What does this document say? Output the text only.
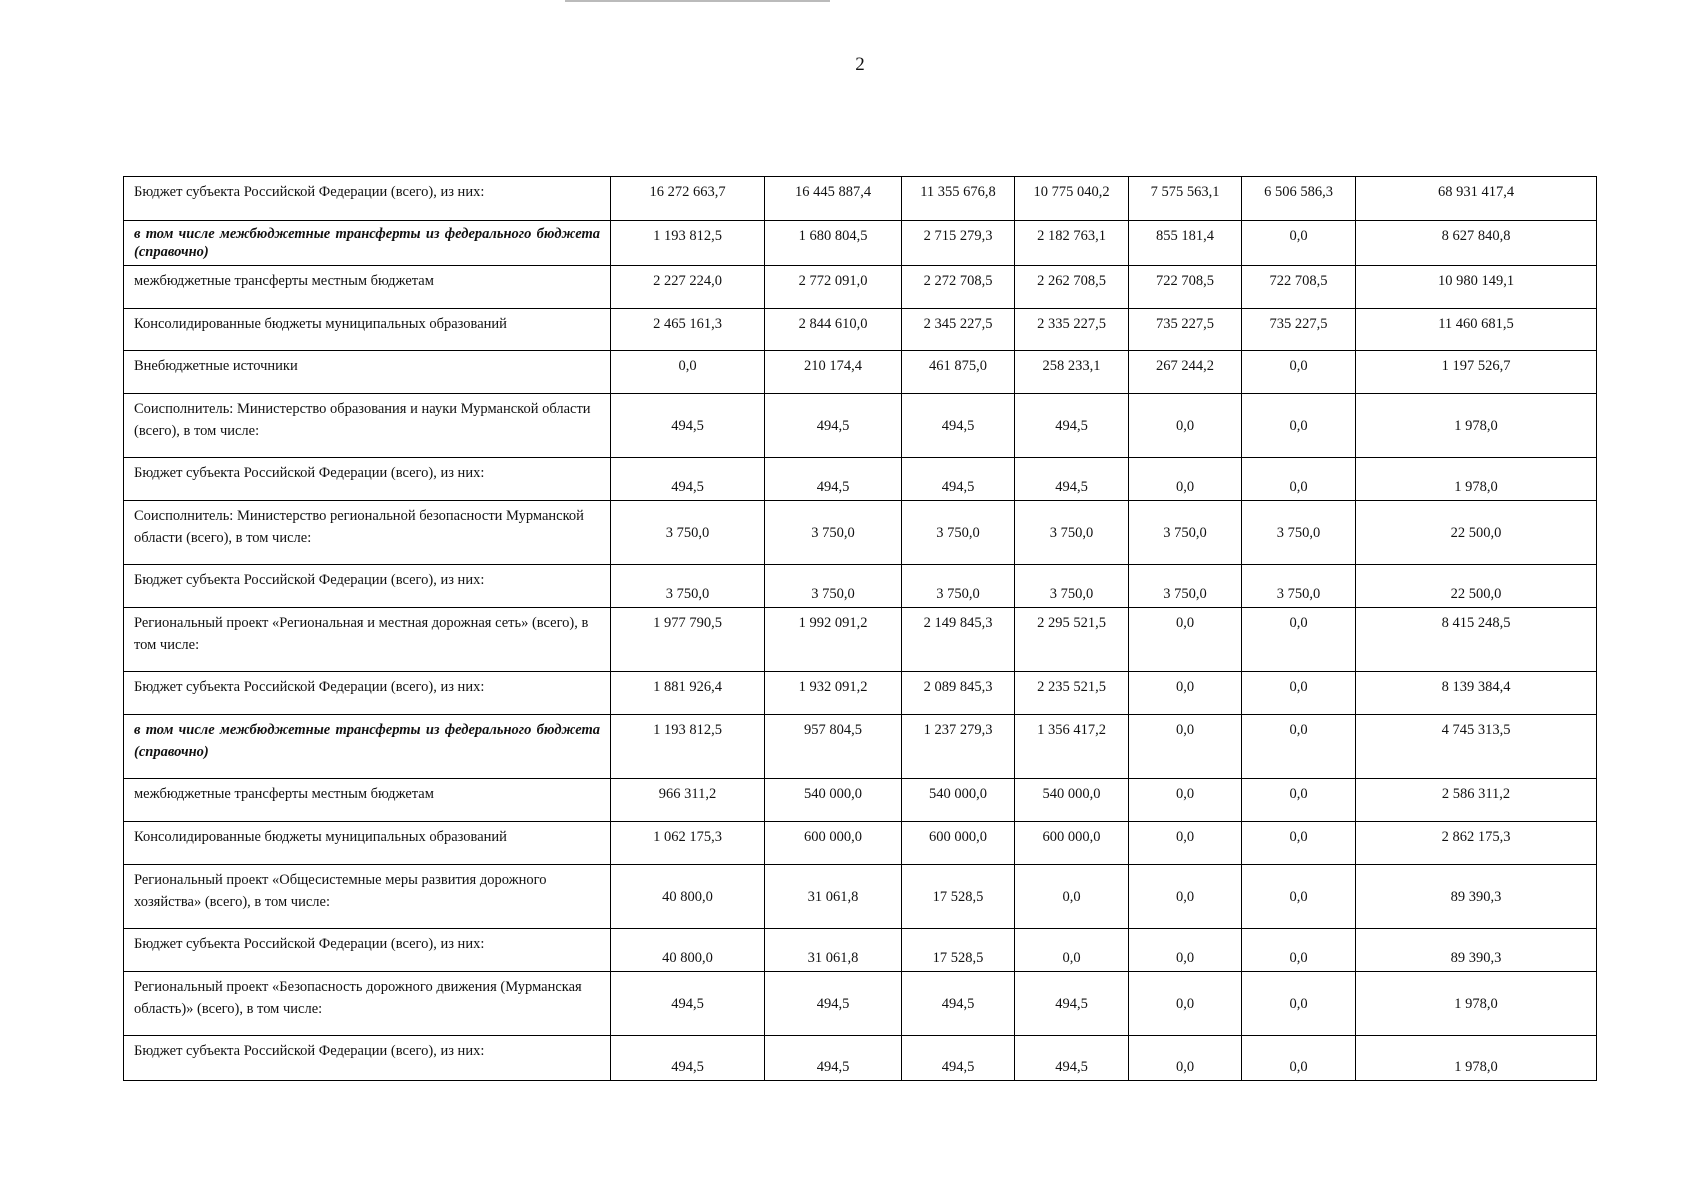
2
Бюджет субъекта Российской Федерации (всего), из них:	16 272 663,7	16 445 887,4	11 355 676,8	10 775 040,2	7 575 563,1	6 506 586,3	68 931 417,4
в том числе межбюджетные трансферты из федерального бюджета (справочно)	1 193 812,5	1 680 804,5	2 715 279,3	2 182 763,1	855 181,4	0,0	8 627 840,8
межбюджетные трансферты местным бюджетам	2 227 224,0	2 772 091,0	2 272 708,5	2 262 708,5	722 708,5	722 708,5	10 980 149,1
Консолидированные бюджеты муниципальных образований	2 465 161,3	2 844 610,0	2 345 227,5	2 335 227,5	735 227,5	735 227,5	11 460 681,5
Внебюджетные источники	0,0	210 174,4	461 875,0	258 233,1	267 244,2	0,0	1 197 526,7
Соисполнитель: Министерство образования и науки Мурманской области (всего), в том числе:	494,5	494,5	494,5	494,5	0,0	0,0	1 978,0
Бюджет субъекта Российской Федерации (всего), из них:	494,5	494,5	494,5	494,5	0,0	0,0	1 978,0
Соисполнитель: Министерство региональной безопасности Мурманской области (всего), в том числе:	3 750,0	3 750,0	3 750,0	3 750,0	3 750,0	3 750,0	22 500,0
Бюджет субъекта Российской Федерации (всего), из них:	3 750,0	3 750,0	3 750,0	3 750,0	3 750,0	3 750,0	22 500,0
Региональный проект «Региональная и местная дорожная сеть» (всего), в том числе:	1 977 790,5	1 992 091,2	2 149 845,3	2 295 521,5	0,0	0,0	8 415 248,5
Бюджет субъекта Российской Федерации (всего), из них:	1 881 926,4	1 932 091,2	2 089 845,3	2 235 521,5	0,0	0,0	8 139 384,4
в том числе межбюджетные трансферты из федерального бюджета (справочно)	1 193 812,5	957 804,5	1 237 279,3	1 356 417,2	0,0	0,0	4 745 313,5
межбюджетные трансферты местным бюджетам	966 311,2	540 000,0	540 000,0	540 000,0	0,0	0,0	2 586 311,2
Консолидированные бюджеты муниципальных образований	1 062 175,3	600 000,0	600 000,0	600 000,0	0,0	0,0	2 862 175,3
Региональный проект «Общесистемные меры развития дорожного хозяйства» (всего), в том числе:	40 800,0	31 061,8	17 528,5	0,0	0,0	0,0	89 390,3
Бюджет субъекта Российской Федерации (всего), из них:	40 800,0	31 061,8	17 528,5	0,0	0,0	0,0	89 390,3
Региональный проект «Безопасность дорожного движения (Мурманская область)» (всего), в том числе:	494,5	494,5	494,5	494,5	0,0	0,0	1 978,0
Бюджет субъекта Российской Федерации (всего), из них:	494,5	494,5	494,5	494,5	0,0	0,0	1 978,0
